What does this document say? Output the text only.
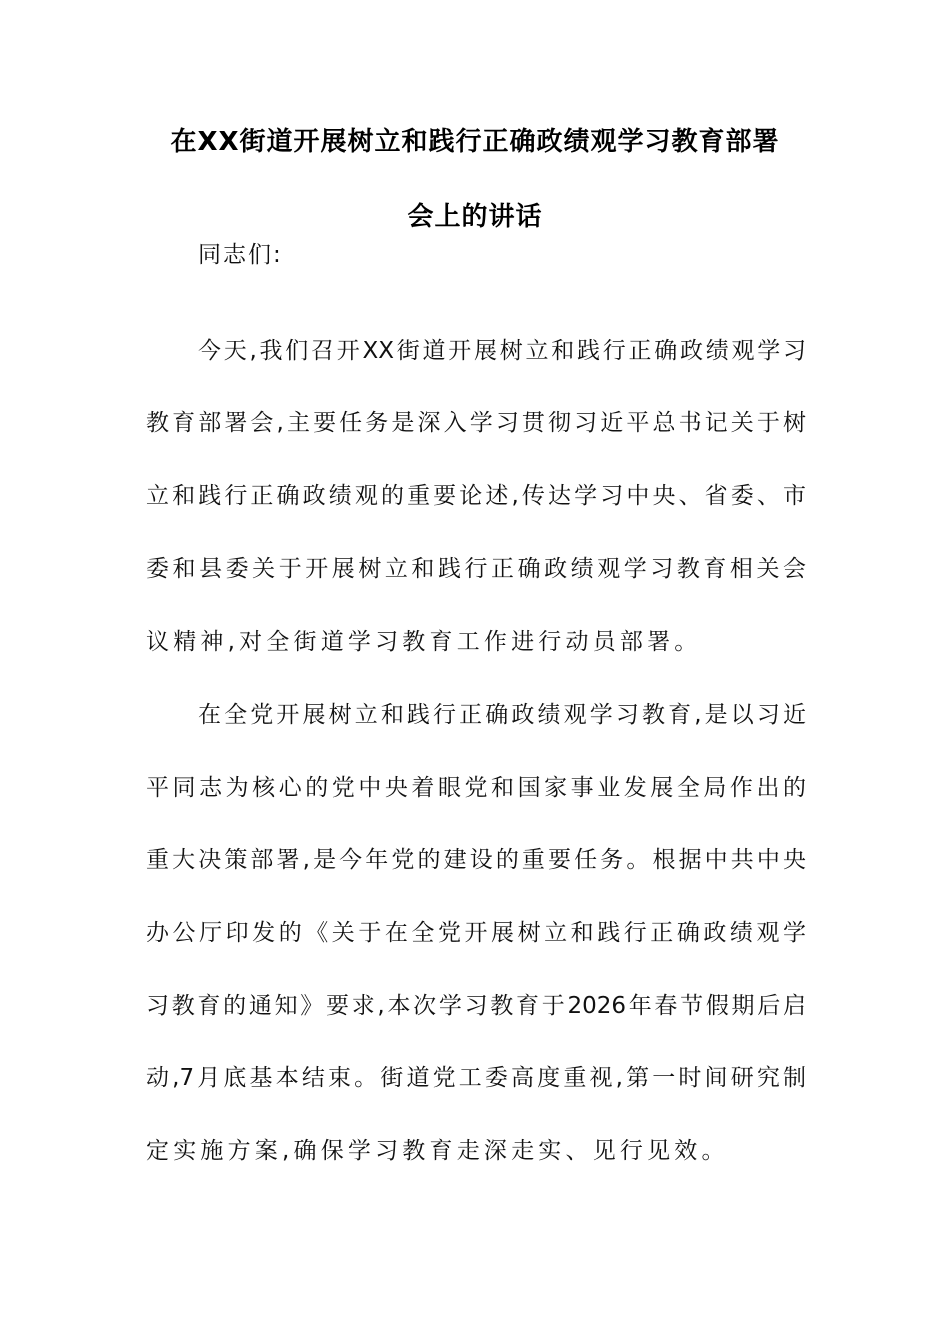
在XX街道开展树立和践行正确政绩观学习教育部署
会上的讲话
同志们:
今天,我们召开XX街道开展树立和践行正确政绩观学习
教育部署会,主要任务是深入学习贯彻习近平总书记关于树
立和践行正确政绩观的重要论述,传达学习中央、省委、市
委和县委关于开展树立和践行正确政绩观学习教育相关会
议精神,对全街道学习教育工作进行动员部署。
在全党开展树立和践行正确政绩观学习教育,是以习近
平同志为核心的党中央着眼党和国家事业发展全局作出的
重大决策部署,是今年党的建设的重要任务。根据中共中央
办公厅印发的《关于在全党开展树立和践行正确政绩观学
习教育的通知》要求,本次学习教育于2026年春节假期后启
动,7月底基本结束。街道党工委高度重视,第一时间研究制
定实施方案,确保学习教育走深走实、见行见效。
